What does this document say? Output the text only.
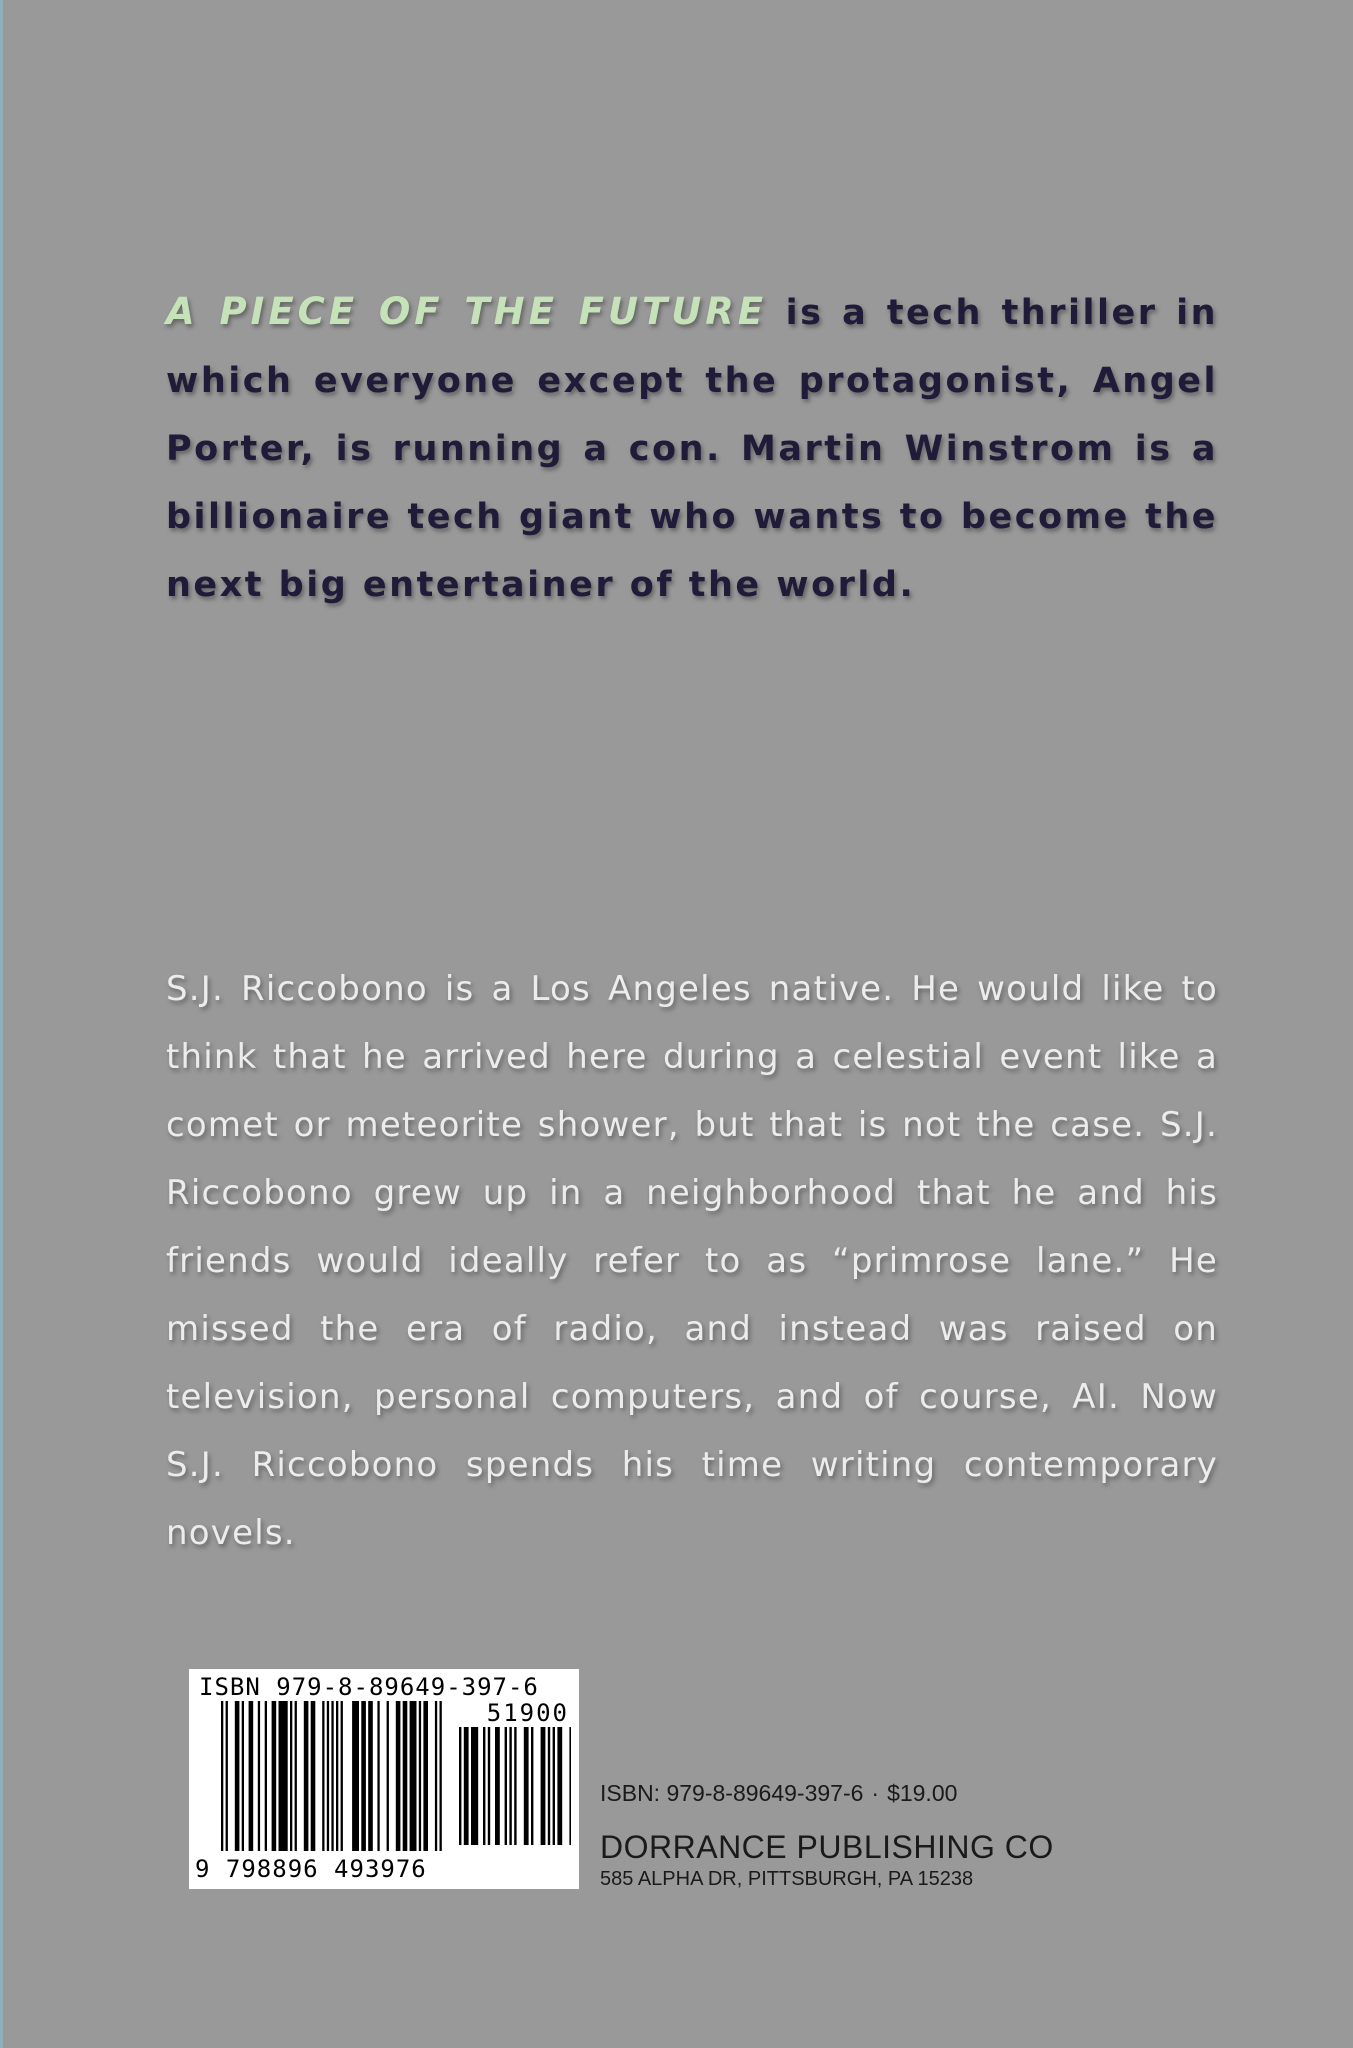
A PIECE OF THE FUTURE is a tech thriller in which everyone except the protagonist, Angel Porter, is running a con. Martin Winstrom is a billionaire tech giant who wants to become the next big entertainer of the world.
S.J. Riccobono is a Los Angeles native. He would like to think that he arrived here during a celestial event like a comet or meteorite shower, but that is not the case. S.J. Riccobono grew up in a neighborhood that he and his friends would ideally refer to as “primrose lane.” He missed the era of radio, and instead was raised on television, personal computers, and of course, AI. Now S.J. Riccobono spends his time writing contemporary novels.
ISBN 979-8-89649-397-6
51900
9 798896 493976
ISBN: 979-8-89649-397-6 · $19.00
DORRANCE PUBLISHING CO
585 ALPHA DR, PITTSBURGH, PA 15238
